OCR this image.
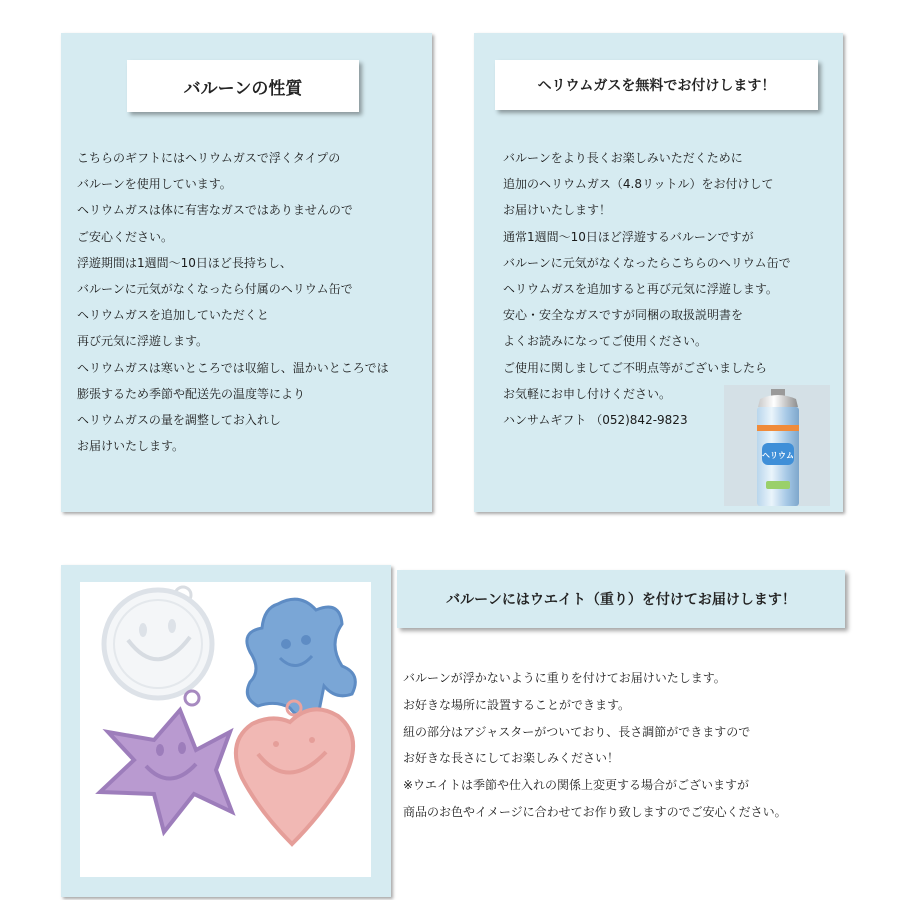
バルーンの性質
こちらのギフトにはヘリウムガスで浮くタイプの
バルーンを使用しています。
ヘリウムガスは体に有害なガスではありませんので
ご安心ください。
浮遊期間は1週間〜10日ほど長持ちし、
バルーンに元気がなくなったら付属のヘリウム缶で
ヘリウムガスを追加していただくと
再び元気に浮遊します。
ヘリウムガスは寒いところでは収縮し、温かいところでは
膨張するため季節や配送先の温度等により
ヘリウムガスの量を調整してお入れし
お届けいたします。
ヘリウムガスを無料でお付けします！
バルーンをより長くお楽しみいただくために
追加のヘリウムガス（4.8リットル）をお付けして
お届けいたします！
通常1週間〜10日ほど浮遊するバルーンですが
バルーンに元気がなくなったらこちらのヘリウム缶で
ヘリウムガスを追加すると再び元気に浮遊します。
安心・安全なガスですが同梱の取扱説明書を
よくお読みになってご使用ください。
ご使用に関しましてご不明点等がございましたら
お気軽にお申し付けください。
ハンサムギフト （052)842-9823
ヘリウム
バルーンにはウエイト（重り）を付けてお届けします！
バルーンが浮かないように重りを付けてお届けいたします。
お好きな場所に設置することができます。
紐の部分はアジャスターがついており、長さ調節ができますので
お好きな長さにしてお楽しみください！
※ウエイトは季節や仕入れの関係上変更する場合がございますが
商品のお色やイメージに合わせてお作り致しますのでご安心ください。
